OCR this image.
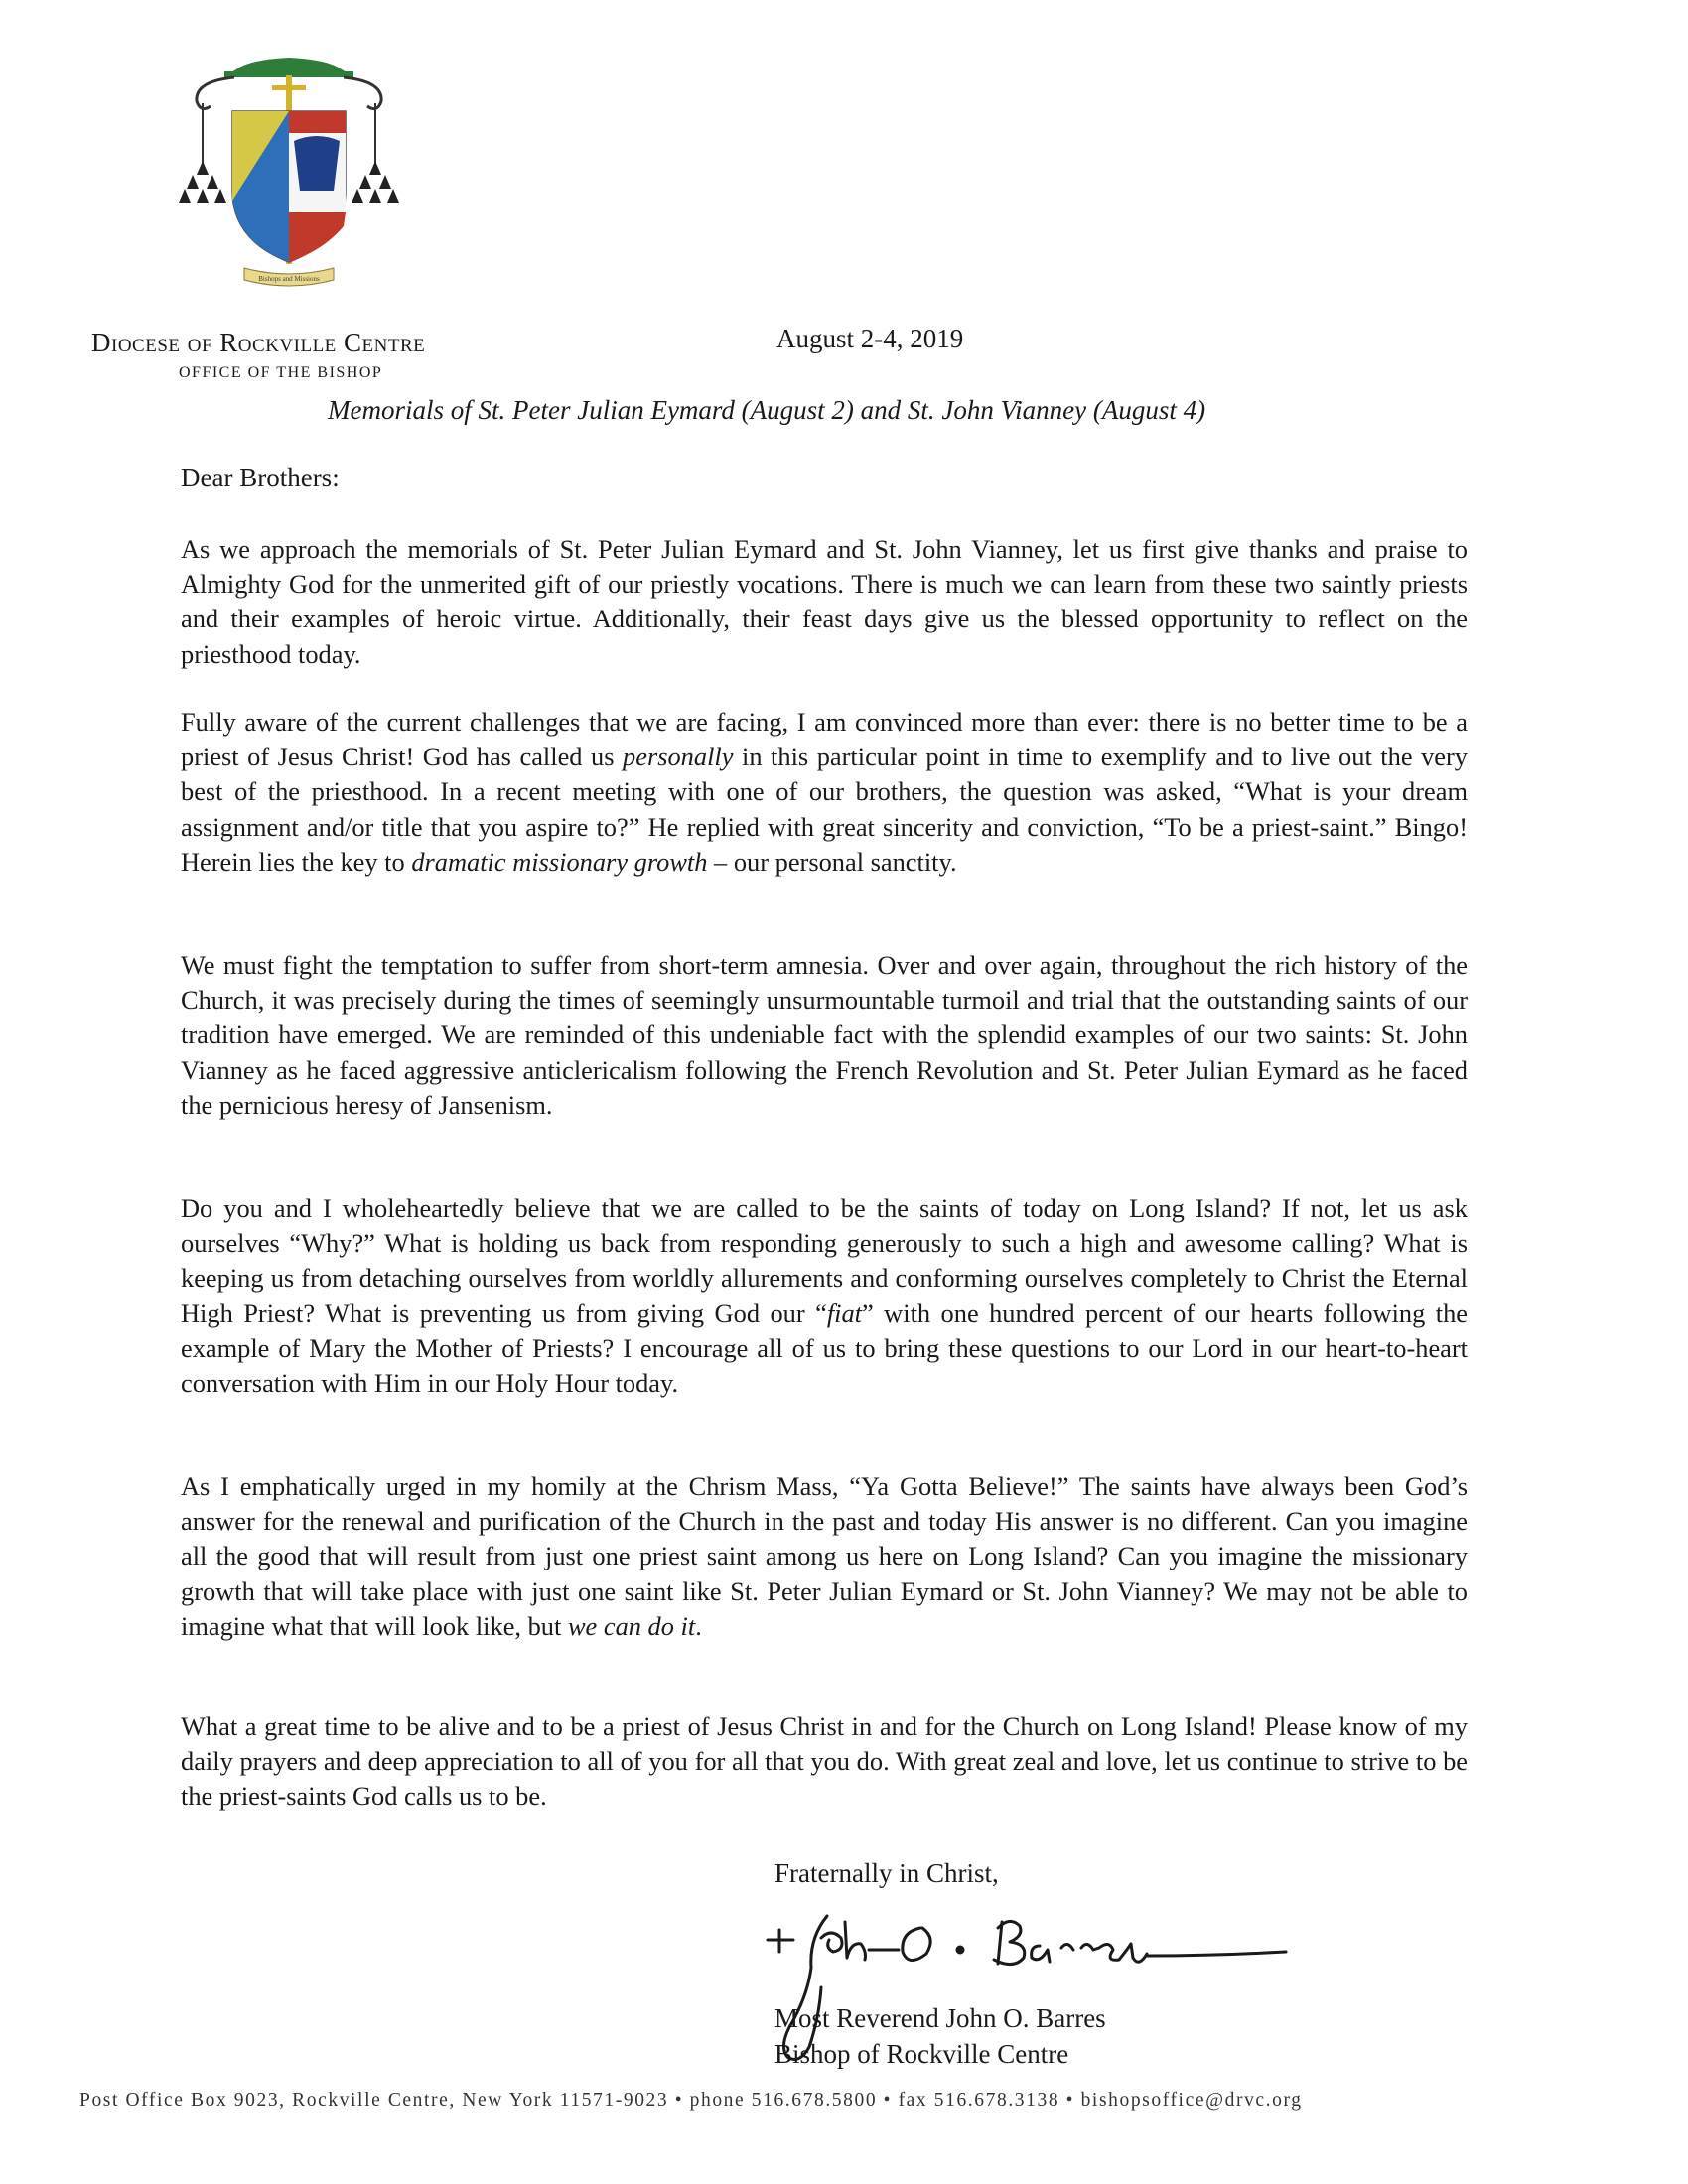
Bishops and Missions
Diocese of Rockville Centre
OFFICE OF THE BISHOP
August 2-4, 2019
Memorials of St. Peter Julian Eymard (August 2) and St. John Vianney (August 4)
Dear Brothers:

As we approach the memorials of St. Peter Julian Eymard and St. John Vianney, let us first give thanks and praise to Almighty God for the unmerited gift of our priestly vocations. There is much we can learn from these two saintly priests and their examples of heroic virtue. Additionally, their feast days give us the blessed opportunity to reflect on the priesthood today.

Fully aware of the current challenges that we are facing, I am convinced more than ever: there is no better time to be a priest of Jesus Christ! God has called us personally in this particular point in time to exemplify and to live out the very best of the priesthood. In a recent meeting with one of our brothers, the question was asked, “What is your dream assignment and/or title that you aspire to?” He replied with great sincerity and conviction, “To be a priest-saint.” Bingo! Herein lies the key to dramatic missionary growth – our personal sanctity.

We must fight the temptation to suffer from short-term amnesia. Over and over again, throughout the rich history of the Church, it was precisely during the times of seemingly unsurmountable turmoil and trial that the outstanding saints of our tradition have emerged. We are reminded of this undeniable fact with the splendid examples of our two saints: St. John Vianney as he faced aggressive anticlericalism following the French Revolution and St. Peter Julian Eymard as he faced the pernicious heresy of Jansenism.

Do you and I wholeheartedly believe that we are called to be the saints of today on Long Island? If not, let us ask ourselves “Why?” What is holding us back from responding generously to such a high and awesome calling? What is keeping us from detaching ourselves from worldly allurements and conforming ourselves completely to Christ the Eternal High Priest? What is preventing us from giving God our “fiat” with one hundred percent of our hearts following the example of Mary the Mother of Priests? I encourage all of us to bring these questions to our Lord in our heart-to-heart conversation with Him in our Holy Hour today.

As I emphatically urged in my homily at the Chrism Mass, “Ya Gotta Believe!” The saints have always been God’s answer for the renewal and purification of the Church in the past and today His answer is no different. Can you imagine all the good that will result from just one priest saint among us here on Long Island? Can you imagine the missionary growth that will take place with just one saint like St. Peter Julian Eymard or St. John Vianney? We may not be able to imagine what that will look like, but we can do it.

What a great time to be alive and to be a priest of Jesus Christ in and for the Church on Long Island! Please know of my daily prayers and deep appreciation to all of you for all that you do. With great zeal and love, let us continue to strive to be the priest-saints God calls us to be.

Fraternally in Christ,
Most Reverend John O. Barres
Bishop of Rockville Centre
Post Office Box 9023, Rockville Centre, New York 11571-9023 • phone 516.678.5800 • fax 516.678.3138 • bishopsoffice@drvc.org
